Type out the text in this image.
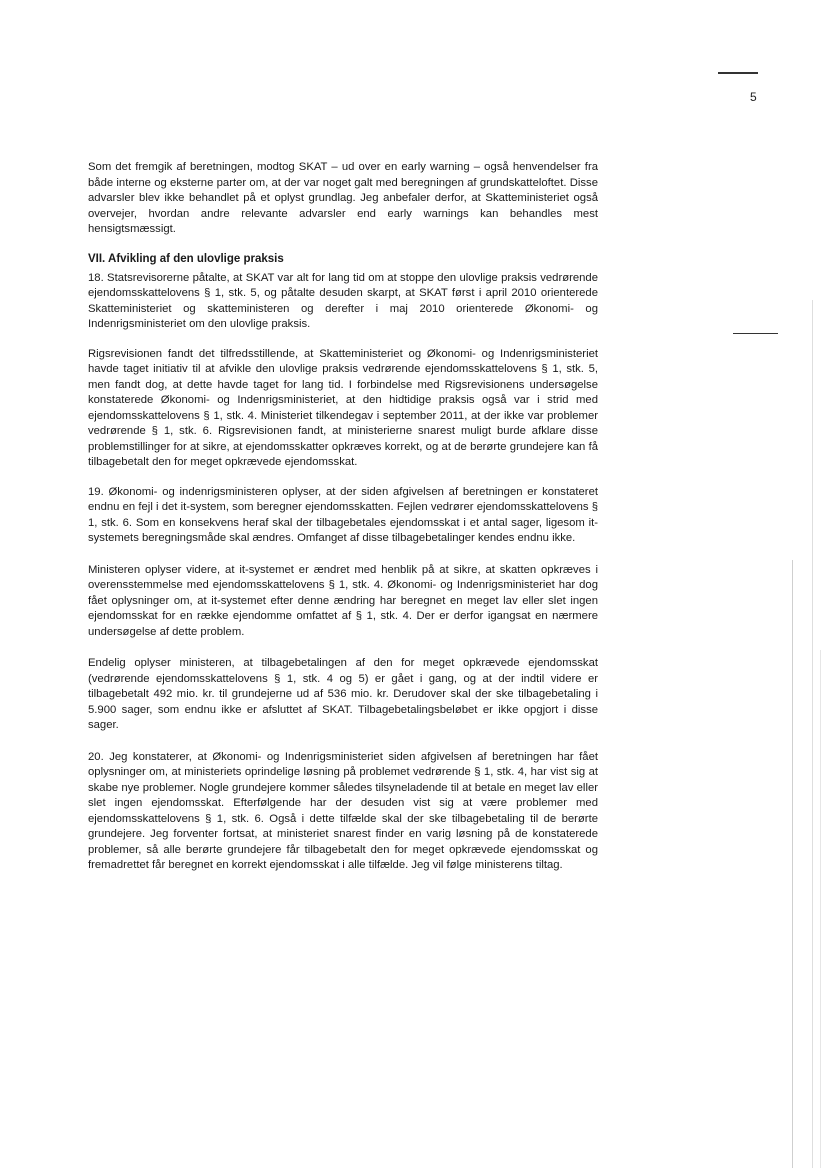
5

Som det fremgik af beretningen, modtog SKAT – ud over en early warning – også henvendelser fra både interne og eksterne parter om, at der var noget galt med beregningen af grundskatteloftet. Disse advarsler blev ikke behandlet på et oplyst grundlag. Jeg anbefaler derfor, at Skatteministeriet også overvejer, hvordan andre relevante advarsler end early warnings kan behandles mest hensigtsmæssigt.

VII. Afvikling af den ulovlige praksis

18. Statsrevisorerne påtalte, at SKAT var alt for lang tid om at stoppe den ulovlige praksis vedrørende ejendomsskattelovens § 1, stk. 5, og påtalte desuden skarpt, at SKAT først i april 2010 orienterede Skatteministeriet og skatteministeren og derefter i maj 2010 orienterede Økonomi- og Indenrigsministeriet om den ulovlige praksis.

Rigsrevisionen fandt det tilfredsstillende, at Skatteministeriet og Økonomi- og Indenrigsministeriet havde taget initiativ til at afvikle den ulovlige praksis vedrørende ejendomsskattelovens § 1, stk. 5, men fandt dog, at dette havde taget for lang tid. I forbindelse med Rigsrevisionens undersøgelse konstaterede Økonomi- og Indenrigsministeriet, at den hidtidige praksis også var i strid med ejendomsskattelovens § 1, stk. 4. Ministeriet tilkendegav i september 2011, at der ikke var problemer vedrørende § 1, stk. 6. Rigsrevisionen fandt, at ministerierne snarest muligt burde afklare disse problemstillinger for at sikre, at ejendomsskatter opkræves korrekt, og at de berørte grundejere kan få tilbagebetalt den for meget opkrævede ejendomsskat.

19. Økonomi- og indenrigsministeren oplyser, at der siden afgivelsen af beretningen er konstateret endnu en fejl i det it-system, som beregner ejendomsskatten. Fejlen vedrører ejendomsskattelovens § 1, stk. 6. Som en konsekvens heraf skal der tilbagebetales ejendomsskat i et antal sager, ligesom it-systemets beregningsmåde skal ændres. Omfanget af disse tilbagebetalinger kendes endnu ikke.

Ministeren oplyser videre, at it-systemet er ændret med henblik på at sikre, at skatten opkræves i overensstemmelse med ejendomsskattelovens § 1, stk. 4. Økonomi- og Indenrigsministeriet har dog fået oplysninger om, at it-systemet efter denne ændring har beregnet en meget lav eller slet ingen ejendomsskat for en række ejendomme omfattet af § 1, stk. 4. Der er derfor igangsat en nærmere undersøgelse af dette problem.

Endelig oplyser ministeren, at tilbagebetalingen af den for meget opkrævede ejendomsskat (vedrørende ejendomsskattelovens § 1, stk. 4 og 5) er gået i gang, og at der indtil videre er tilbagebetalt 492 mio. kr. til grundejerne ud af 536 mio. kr. Derudover skal der ske tilbagebetaling i 5.900 sager, som endnu ikke er afsluttet af SKAT. Tilbagebetalingsbeløbet er ikke opgjort i disse sager.

20. Jeg konstaterer, at Økonomi- og Indenrigsministeriet siden afgivelsen af beretningen har fået oplysninger om, at ministeriets oprindelige løsning på problemet vedrørende § 1, stk. 4, har vist sig at skabe nye problemer. Nogle grundejere kommer således tilsyneladende til at betale en meget lav eller slet ingen ejendomsskat. Efterfølgende har der desuden vist sig at være problemer med ejendomsskattelovens § 1, stk. 6. Også i dette tilfælde skal der ske tilbagebetaling til de berørte grundejere. Jeg forventer fortsat, at ministeriet snarest finder en varig løsning på de konstaterede problemer, så alle berørte grundejere får tilbagebetalt den for meget opkrævede ejendomsskat og fremadrettet får beregnet en korrekt ejendomsskat i alle tilfælde. Jeg vil følge ministerens tiltag.
